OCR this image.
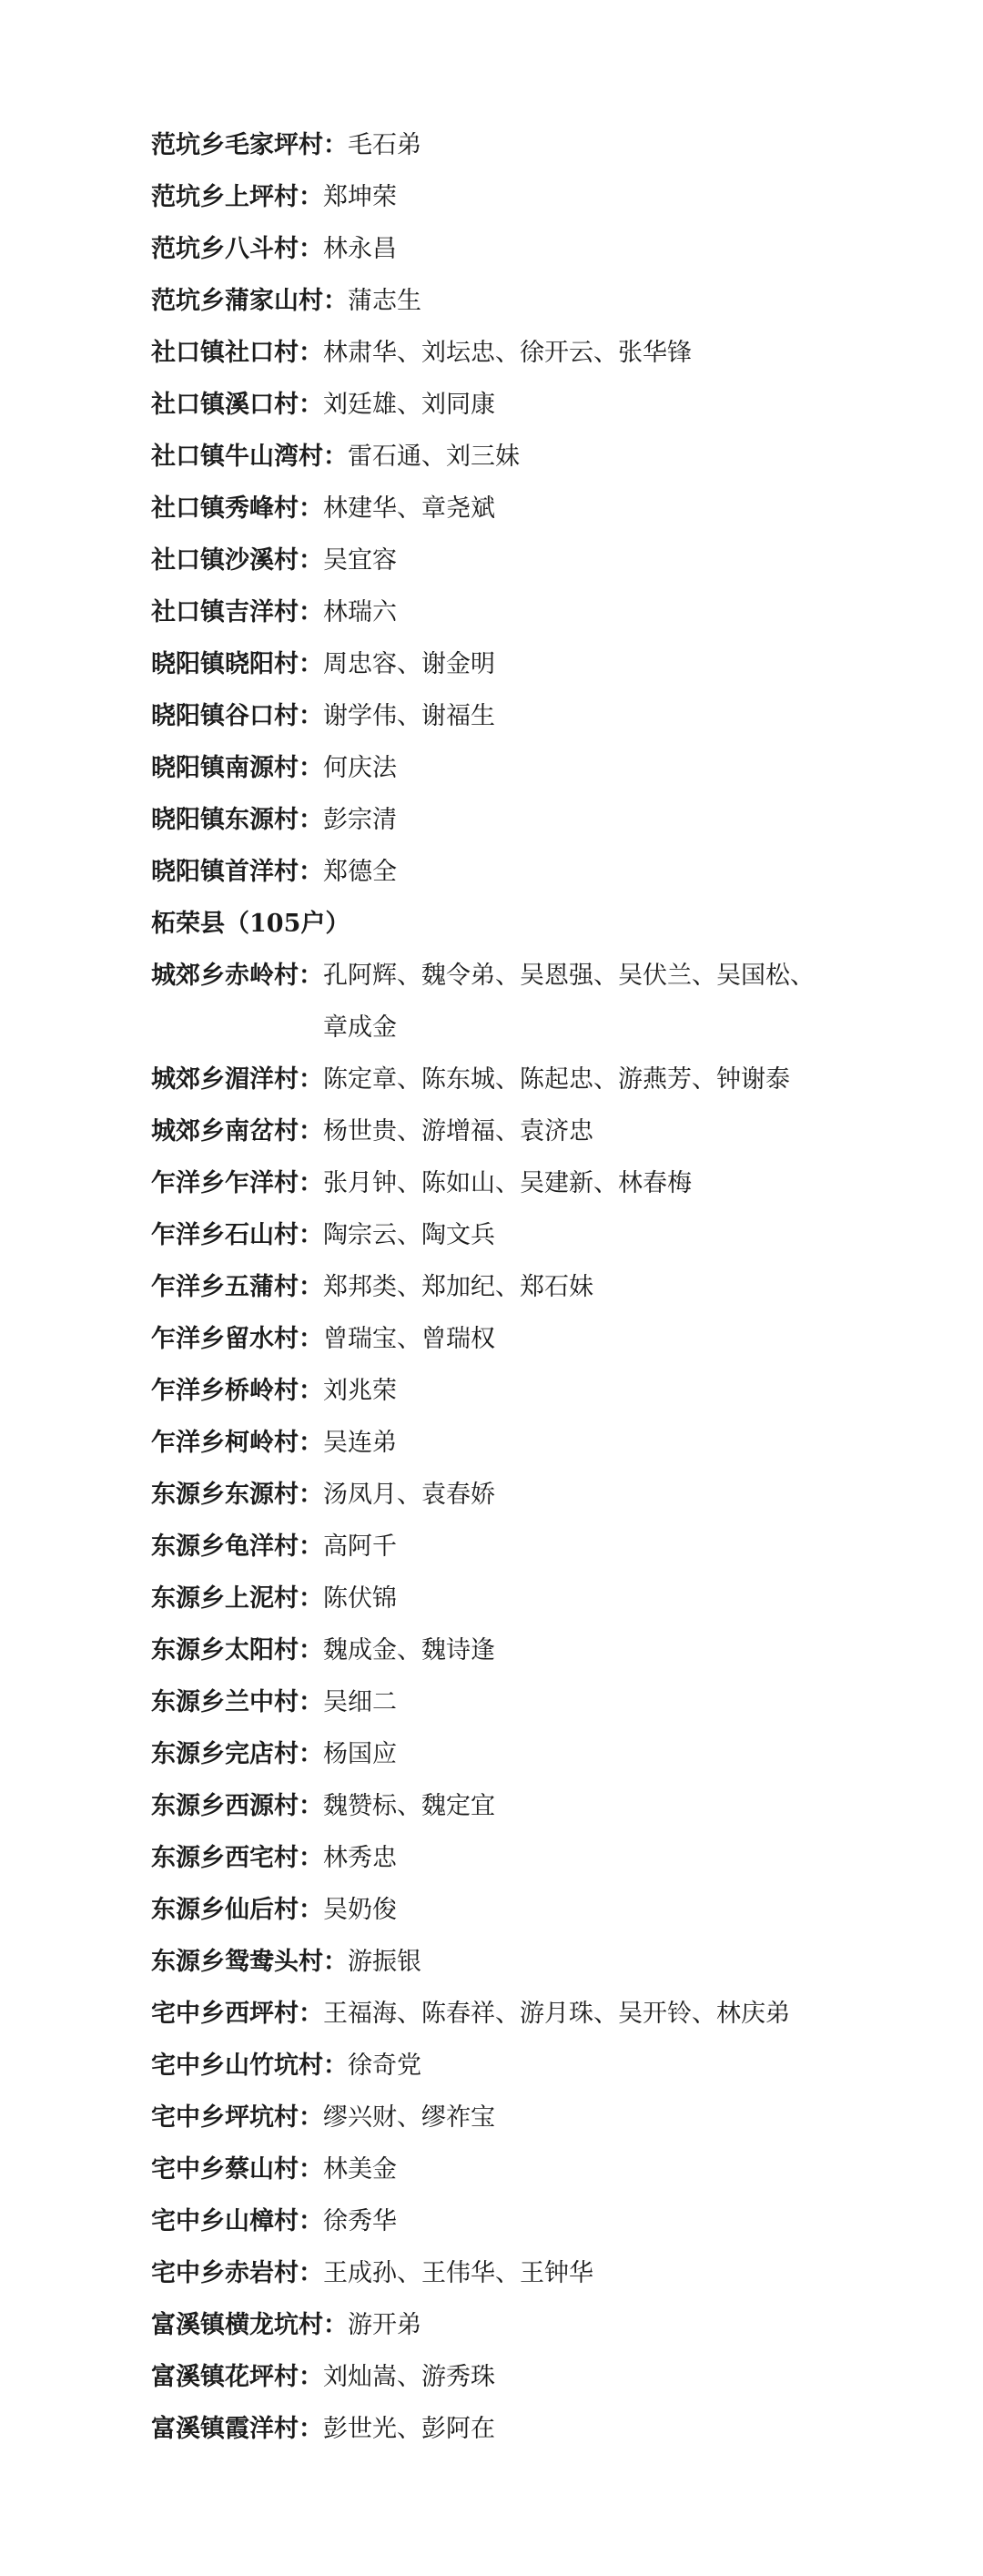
范坑乡毛家坪村 ： 毛石弟
范坑乡上坪村 ： 郑坤荣
范坑乡八斗村 ： 林永昌
范坑乡蒲家山村 ： 蒲志生
社口镇社口村 ： 林肃华、刘坛忠、徐开云、张华锋
社口镇溪口村 ： 刘廷雄、刘同康
社口镇牛山湾村 ： 雷石通、刘三妹
社口镇秀峰村 ： 林建华、章尧斌
社口镇沙溪村 ： 吴宜容
社口镇吉洋村 ： 林瑞六
晓阳镇晓阳村 ： 周忠容、谢金明
晓阳镇谷口村 ： 谢学伟、谢福生
晓阳镇南源村 ： 何庆法
晓阳镇东源村 ： 彭宗清
晓阳镇首洋村 ： 郑德全
柘荣县（105户）
城郊乡赤岭村 ： 孔阿辉、魏令弟、吴恩强、吴伏兰、吴国松、章成金
城郊乡湄洋村 ： 陈定章、陈东城、陈起忠、游燕芳、钟谢泰
城郊乡南岔村 ： 杨世贵、游增福、袁济忠
乍洋乡乍洋村 ： 张月钟、陈如山、吴建新、林春梅
乍洋乡石山村 ： 陶宗云、陶文兵
乍洋乡五蒲村 ： 郑邦类、郑加纪、郑石妹
乍洋乡留水村 ： 曾瑞宝、曾瑞权
乍洋乡桥岭村 ： 刘兆荣
乍洋乡柯岭村 ： 吴连弟
东源乡东源村 ： 汤凤月、袁春娇
东源乡龟洋村 ： 高阿千
东源乡上泥村 ： 陈伏锦
东源乡太阳村 ： 魏成金、魏诗逢
东源乡兰中村 ： 吴细二
东源乡完店村 ： 杨国应
东源乡西源村 ： 魏赞标、魏定宜
东源乡西宅村 ： 林秀忠
东源乡仙后村 ： 吴奶俊
东源乡鸳鸯头村 ： 游振银
宅中乡西坪村 ： 王福海、陈春祥、游月珠、吴开铃、林庆弟
宅中乡山竹坑村 ： 徐奇党
宅中乡坪坑村 ： 缪兴财、缪祚宝
宅中乡蔡山村 ： 林美金
宅中乡山樟村 ： 徐秀华
宅中乡赤岩村 ： 王成孙、王伟华、王钟华
富溪镇横龙坑村 ： 游开弟
富溪镇花坪村 ： 刘灿嵩、游秀珠
富溪镇霞洋村 ： 彭世光、彭阿在
